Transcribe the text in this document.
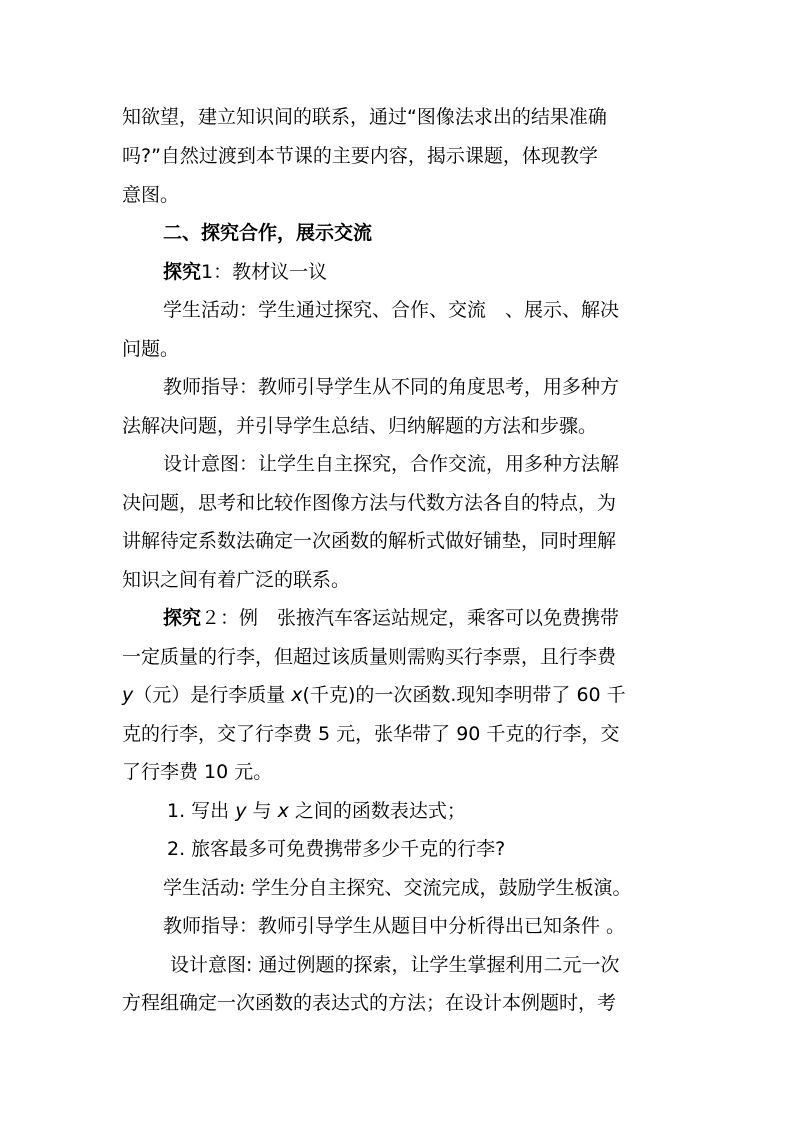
知欲望，建立知识间的联系，通过“图像法求出的结果准确
吗?”自然过渡到本节课的主要内容，揭示课题，体现教学
意图。
二、探究合作，展示交流
探究1：教材议一议
学生活动：学生通过探究、合作、交流　、展示、解决
问题。
教师指导：教师引导学生从不同的角度思考，用多种方
法解决问题，并引导学生总结、归纳解题的方法和步骤。
设计意图：让学生自主探究，合作交流，用多种方法解
决问题，思考和比较作图像方法与代数方法各自的特点，为
讲解待定系数法确定一次函数的解析式做好铺垫，同时理解
知识之间有着广泛的联系。
探究２：例　张掖汽车客运站规定，乘客可以免费携带
一定质量的行李，但超过该质量则需购买行李票，且行李费
y（元）是行李质量 x(千克)的一次函数.现知李明带了 60 千
克的行李，交了行李费 5 元，张华带了 90 千克的行李，交
了行李费 10 元。
1. 写出 y 与 x 之间的函数表达式；
2. 旅客最多可免费携带多少千克的行李?
学生活动: 学生分自主探究、交流完成，鼓励学生板演。
教师指导：教师引导学生从题目中分析得出已知条件 。
设计意图: 通过例题的探索，让学生掌握利用二元一次
方程组确定一次函数的表达式的方法；在设计本例题时，考
